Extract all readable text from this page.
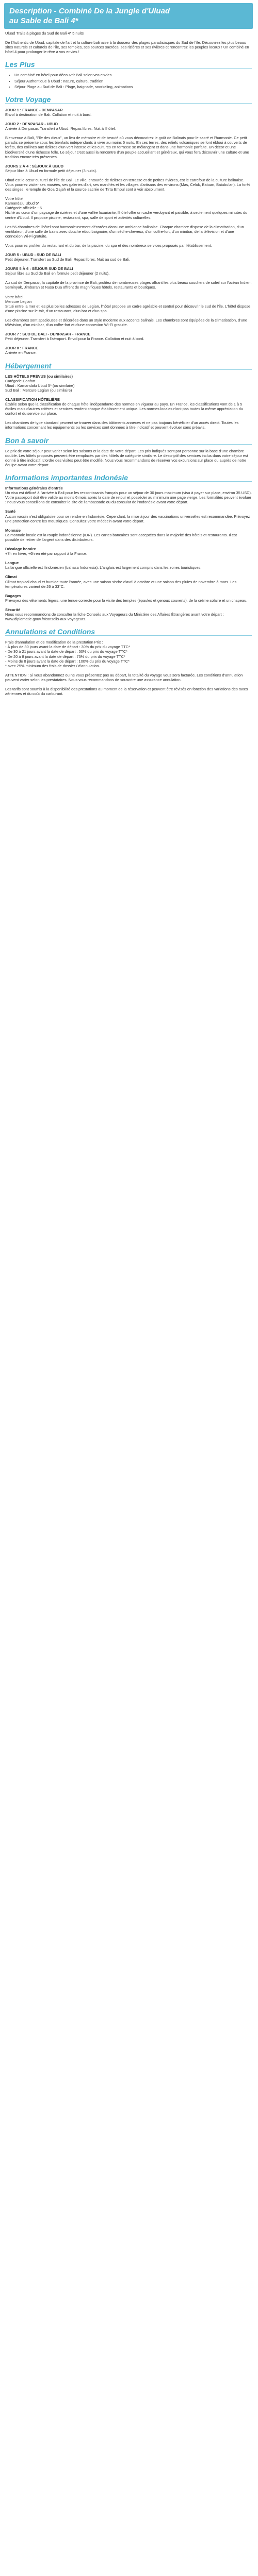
Description - Combiné De la Jungle d'Uluad
au Sable de Bali 4*

Uluad Trails à plages du Sud de Bali 4* 5 nuits

De l'Authentic de Ubud, capitale de l'art et la culture balinaise à la douceur des plages paradisiaques du Sud de l'île. Découvrez les plus beaux sites naturels et culturels de l'île, ses temples, ses sources sacrées, ses rizières et ses rivières et rencontrez les peuples locaux ! Un combiné en hôtel 4 pour prolonger le rêve à vos envies !

Les Plus
• Un combiné en hôtel pour découvrir Bali selon vos envies
• Séjour Authentique à Ubud : nature, culture, tradition
• Séjour Plage au Sud de Bali : Plage, baignade, snorkeling, animations
Votre Voyage
JOUR 1 : FRANCE - DENPASAR
Envol à destination de Bali. Collation et nuit à bord.
JOUR 2 : DENPASAR - UBUD
Arrivée à Denpasar. Transfert à Ubud. Repas libres. Nuit à l'hôtel.
Bienvenue à Bali, "l'île des dieux", un lieu de mémoire et de beauté où vous découvrirez le goût de Balinais pour le sacré et l'harmonie. Ce petit paradis se présente sous les bienfaits indépendants à vivre au moins 5 nuits. En ces terres, des reliefs volcaniques se font ébloui à couverts de forêts, des collines aux rizières d'un vert intense et les cultures en terrasse se mélangent et dans une harmonie parfaite. Un décor et une biodiversité d'une richesse folle. Le séjour c'est aussi la rencontre d'un peuple accueillant et généreux, qui vous fera découvrir une culture et une tradition encore très présentes.
JOURS 2 À 4 : SÉJOUR À UBUD
Séjour libre à Ubud en formule petit déjeuner (3 nuits).
Ubud est le cœur culturel de l'île de Bali. Le ville, entourée de rizières en terrasse et de petites rivières, est le carrefour de la culture balinaise. Vous pourrez visiter ses musées, ses galeries d'art, ses marchés et les villages d'artisans des environs (Mas, Celuk, Batuan, Batubulan). La forêt des singes, le temple de Goa Gajah et la source sacrée de Tirta Empul sont à voir absolument.
Votre hôtel
Kamandalu Ubud 5*
Catégorie officielle : 5
Niché au cœur d'un paysage de rizières et d'une vallée luxuriante, l'hôtel offre un cadre verdoyant et paisible, à seulement quelques minutes du centre d'Ubud. Il propose piscine, restaurant, spa, salle de sport et activités culturelles.
Les 56 chambres de l'hôtel sont harmonieusement décorées dans une ambiance balinaise. Chaque chambre dispose de la climatisation, d'un ventilateur, d'une salle de bains avec douche et/ou baignoire, d'un sèche-cheveux, d'un coffre-fort, d'un minibar, de la télévision et d'une connexion Wi-Fi gratuite.
Vous pourrez profiter du restaurant et du bar, de la piscine, du spa et des nombreux services proposés par l'établissement.
JOUR 5 : UBUD - SUD DE BALI
Petit déjeuner. Transfert au Sud de Bali. Repas libres. Nuit au sud de Bali.
JOURS 5 À 6 : SÉJOUR SUD DE BALI
Séjour libre au Sud de Bali en formule petit déjeuner (2 nuits).
Au sud de Denpasar, la capitale de la province de Bali, profitez de nombreuses plages offrant les plus beaux couchers de soleil sur l'océan Indien. Seminyak, Jimbaran et Nusa Dua offrent de magnifiques hôtels, restaurants et boutiques.
Votre hôtel
Mercure Legian
Situé entre la mer et les plus belles adresses de Legian, l'hôtel propose un cadre agréable et central pour découvrir le sud de l'île. L'hôtel dispose d'une piscine sur le toit, d'un restaurant, d'un bar et d'un spa.
Les chambres sont spacieuses et décorées dans un style moderne aux accents balinais. Les chambres sont équipées de la climatisation, d'une télévision, d'un minibar, d'un coffre-fort et d'une connexion Wi-Fi gratuite.
JOUR 7 : SUD DE BALI - DENPASAR - FRANCE
Petit déjeuner. Transfert à l'aéroport. Envol pour la France. Collation et nuit à bord.
JOUR 8 : FRANCE
Arrivée en France.
Hébergement
LES HÔTELS PRÉVUS (ou similaires)
Catégorie Confort
Ubud : Kamandalu Ubud 5* (ou similaire)
Sud Bali : Mercure Legian (ou similaire)
CLASSIFICATION HÔTELIÈRE

Établie selon que la classification de chaque hôtel indépendante des normes en vigueur au pays. En France, les classifications vont de 1 à 5 étoiles mais d'autres critères et services rendent chaque établissement unique. Les normes locales n'ont pas toutes la même appréciation du confort et du service sur place.

Les chambres de type standard peuvent se trouver dans des bâtiments annexes et ne pas toujours bénéficier d'un accès direct. Toutes les informations concernant les équipements ou les services sont données à titre indicatif et peuvent évoluer sans préavis.

Bon à savoir

Le prix de votre séjour peut varier selon les saisons et la date de votre départ. Les prix indiqués sont par personne sur la base d'une chambre double. Les hôtels proposés peuvent être remplacés par des hôtels de catégorie similaire. Le descriptif des services inclus dans votre séjour est donné à titre indicatif. L'ordre des visites peut être modifié. Nous vous recommandons de réserver vos excursions sur place ou auprès de notre équipe avant votre départ.

Informations importantes Indonésie
Informations générales d'entrée

Un visa est délivré à l'arrivée à Bali pour les ressortissants français pour un séjour de 30 jours maximum (visa à payer sur place, environ 35 USD). Votre passeport doit être valide au moins 6 mois après la date de retour et posséder au minimum une page vierge. Les formalités peuvent évoluer : nous vous conseillons de consulter le site de l'ambassade ou du consulat de l'Indonésie avant votre départ.

Santé

Aucun vaccin n'est obligatoire pour se rendre en Indonésie. Cependant, la mise à jour des vaccinations universelles est recommandée. Prévoyez une protection contre les moustiques. Consultez votre médecin avant votre départ.

Monnaie

La monnaie locale est la roupie indonésienne (IDR). Les cartes bancaires sont acceptées dans la majorité des hôtels et restaurants. Il est possible de retirer de l'argent dans des distributeurs.

Décalage horaire

+7h en hiver, +6h en été par rapport à la France.

Langue

La langue officielle est l'indonésien (bahasa Indonesia). L'anglais est largement compris dans les zones touristiques.

Climat

Climat tropical chaud et humide toute l'année, avec une saison sèche d'avril à octobre et une saison des pluies de novembre à mars. Les températures varient de 26 à 33°C.

Bagages

Prévoyez des vêtements légers, une tenue correcte pour la visite des temples (épaules et genoux couverts), de la crème solaire et un chapeau.

Sécurité

Nous vous recommandons de consulter la fiche Conseils aux Voyageurs du Ministère des Affaires Étrangères avant votre départ : www.diplomatie.gouv.fr/conseils-aux-voyageurs.

Annulations et Conditions

Frais d'annulation et de modification de la prestation Prix :
- À plus de 30 jours avant la date de départ : 30% du prix du voyage TTC*
- De 30 à 21 jours avant la date de départ : 50% du prix du voyage TTC*
- De 20 à 8 jours avant la date de départ : 75% du prix du voyage TTC*
- Moins de 8 jours avant la date de départ : 100% du prix du voyage TTC*
* avec 25% minimum des frais de dossier / d'annulation.

ATTENTION : Si vous abandonnez ou ne vous présentez pas au départ, la totalité du voyage vous sera facturée. Les conditions d'annulation peuvent varier selon les prestataires. Nous vous recommandons de souscrire une assurance annulation.

Les tarifs sont soumis à la disponibilité des prestations au moment de la réservation et peuvent être révisés en fonction des variations des taxes aériennes et du coût du carburant.
